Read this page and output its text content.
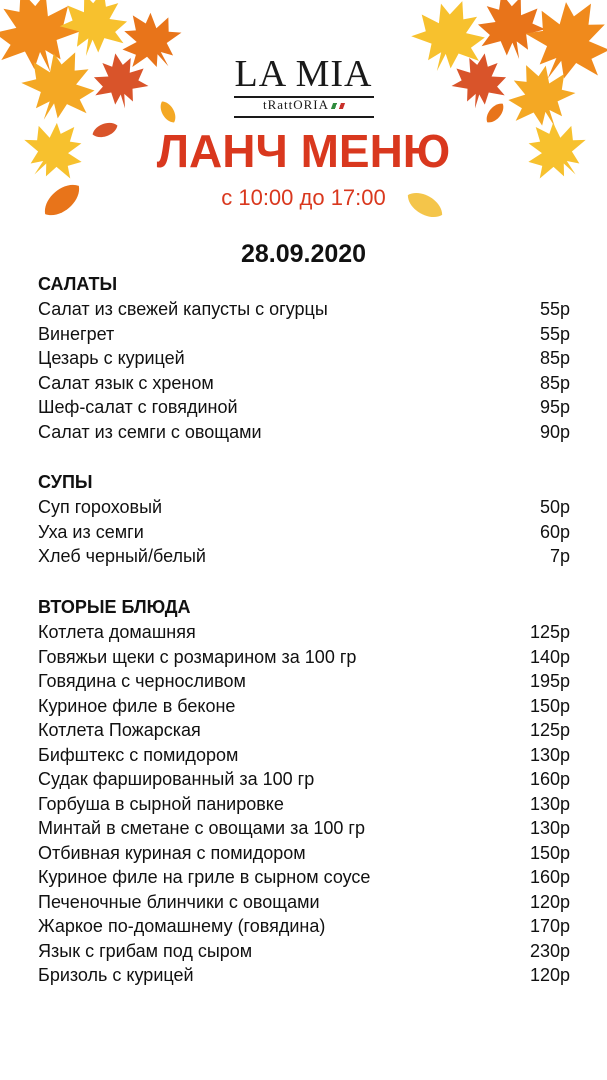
LA MIA
tRattORIA
ЛАНЧ МЕНЮ
с 10:00 до 17:00
28.09.2020
САЛАТЫ
Салат из свежей капусты с огурцы	55р
Винегрет	55р
Цезарь с курицей	85р
Салат язык с хреном	85р
Шеф-салат с говядиной	95р
Салат из семги с овощами	90р
СУПЫ
Суп гороховый	50р
Уха из семги	60р
Хлеб черный/белый	7р
ВТОРЫЕ БЛЮДА
Котлета домашняя	125р
Говяжьи щеки с розмарином за 100 гр	140р
Говядина с черносливом	195р
Куриное филе в беконе	150р
Котлета Пожарская	125р
Бифштекс с помидором	130р
Судак фаршированный за 100 гр	160р
Горбуша в сырной панировке	130р
Минтай в сметане с овощами за 100 гр	130р
Отбивная куриная с помидором	150р
Куриное филе на гриле в сырном соусе	160р
Печеночные блинчики с овощами	120р
Жаркое по-домашнему (говядина)	170р
Язык с грибам под сыром	230р
Бризоль с курицей	120р
